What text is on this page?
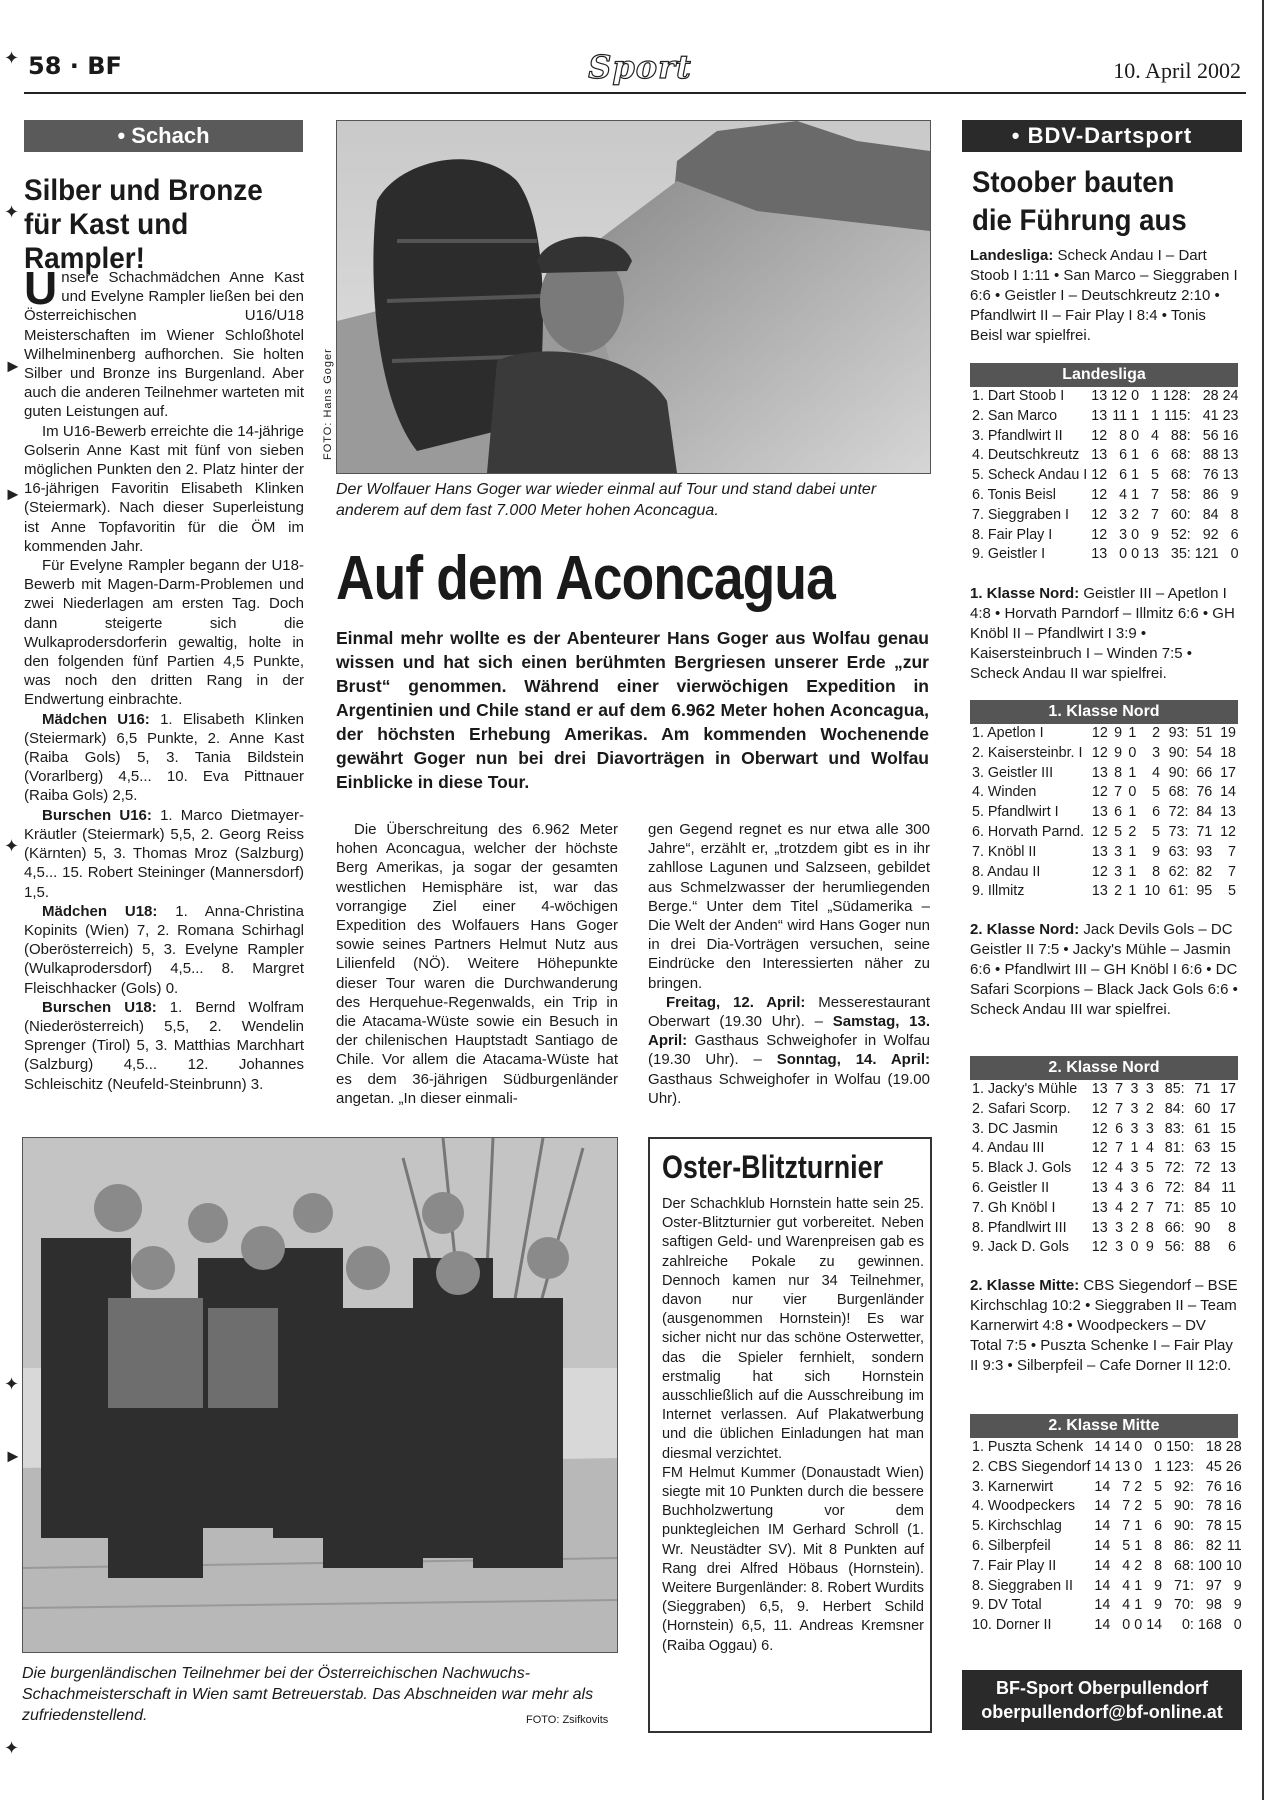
58 · BF	Sport	10. April 2002
✦
✦
►
►
✦
✦
►
✦
• Schach
Silber und Bronze für Kast und Rampler!
U nsere Schachmädchen Anne Kast und Evelyne Rampler ließen bei den Österreichischen U16/U18 Meisterschaften im Wiener Schloßhotel Wilhelminenberg aufhorchen. Sie holten Silber und Bronze ins Burgenland. Aber auch die anderen Teilnehmer warteten mit guten Leistungen auf.

Im U16-Bewerb erreichte die 14-jährige Golserin Anne Kast mit fünf von sieben möglichen Punkten den 2. Platz hinter der 16-jährigen Favoritin Elisabeth Klinken (Steiermark). Nach dieser Superleistung ist Anne Topfavoritin für die ÖM im kommenden Jahr.

Für Evelyne Rampler begann der U18-Bewerb mit Magen-Darm-Problemen und zwei Niederlagen am ersten Tag. Doch dann steigerte sich die Wulkaprodersdorferin gewaltig, holte in den folgenden fünf Partien 4,5 Punkte, was noch den dritten Rang in der Endwertung einbrachte.

Mädchen U16: 1. Elisabeth Klinken (Steiermark) 6,5 Punkte, 2. Anne Kast (Raiba Gols) 5, 3. Tania Bildstein (Vorarlberg) 4,5... 10. Eva Pittnauer (Raiba Gols) 2,5.

Burschen U16: 1. Marco Dietmayer-Kräutler (Steiermark) 5,5, 2. Georg Reiss (Kärnten) 5, 3. Thomas Mroz (Salzburg) 4,5... 15. Robert Steininger (Mannersdorf) 1,5.

Mädchen U18: 1. Anna-Christina Kopinits (Wien) 7, 2. Romana Schirhagl (Oberösterreich) 5, 3. Evelyne Rampler (Wulkaprodersdorf) 4,5... 8. Margret Fleischhacker (Gols) 0.

Burschen U18: 1. Bernd Wolfram (Niederösterreich) 5,5, 2. Wendelin Sprenger (Tirol) 5, 3. Matthias Marchhart (Salzburg) 4,5... 12. Johannes Schleischitz (Neufeld-Steinbrunn) 3.

FOTO: Hans Goger
Der Wolfauer Hans Goger war wieder einmal auf Tour und stand dabei unter anderem auf dem fast 7.000 Meter hohen Aconcagua.
Auf dem Aconcagua
Einmal mehr wollte es der Abenteurer Hans Goger aus Wolfau genau wissen und hat sich einen berühmten Bergriesen unserer Erde „zur Brust“ genommen. Während einer vierwöchigen Expedition in Argentinien und Chile stand er auf dem 6.962 Meter hohen Aconcagua, der höchsten Erhebung Amerikas. Am kommenden Wochenende gewährt Goger nun bei drei Diavorträgen in Oberwart und Wolfau Einblicke in diese Tour.

Die Überschreitung des 6.962 Meter hohen Aconcagua, welcher der höchste Berg Amerikas, ja sogar der gesamten westlichen Hemisphäre ist, war das vorrangige Ziel einer 4-wöchigen Expedition des Wolfauers Hans Goger sowie seines Partners Helmut Nutz aus Lilienfeld (NÖ). Weitere Höhepunkte dieser Tour waren die Durchwanderung des Herquehue-Regenwalds, ein Trip in die Atacama-Wüste sowie ein Besuch in der chilenischen Hauptstadt Santiago de Chile. Vor allem die Atacama-Wüste hat es dem 36-jährigen Südburgenländer angetan. „In dieser einmali-

gen Gegend regnet es nur etwa alle 300 Jahre“, erzählt er, „trotzdem gibt es in ihr zahllose Lagunen und Salzseen, gebildet aus Schmelzwasser der herumliegenden Berge.“ Unter dem Titel „Südamerika – Die Welt der Anden“ wird Hans Goger nun in drei Dia-Vorträgen versuchen, seine Eindrücke den Interessierten näher zu bringen.

Freitag, 12. April: Messerestaurant Oberwart (19.30 Uhr). – Samstag, 13. April: Gasthaus Schweighofer in Wolfau (19.30 Uhr). – Sonntag, 14. April: Gasthaus Schweighofer in Wolfau (19.00 Uhr).

Die burgenländischen Teilnehmer bei der Österreichischen Nachwuchs-Schachmeisterschaft in Wien samt Betreuerstab. Das Abschneiden war mehr als zufriedenstellend.	FOTO: Zsifkovits
Oster-Blitzturnier

Der Schachklub Hornstein hatte sein 25. Oster-Blitzturnier gut vorbereitet. Neben saftigen Geld- und Warenpreisen gab es zahlreiche Pokale zu gewinnen. Dennoch kamen nur 34 Teilnehmer, davon nur vier Burgenländer (ausgenommen Hornstein)! Es war sicher nicht nur das schöne Osterwetter, das die Spieler fernhielt, sondern erstmalig hat sich Hornstein ausschließlich auf die Ausschreibung im Internet verlassen. Auf Plakatwerbung und die üblichen Einladungen hat man diesmal verzichtet.

FM Helmut Kummer (Donaustadt Wien) siegte mit 10 Punkten durch die bessere Buchholzwertung vor dem punktegleichen IM Gerhard Schroll (1. Wr. Neustädter SV). Mit 8 Punkten auf Rang drei Alfred Höbaus (Hornstein). Weitere Burgenländer: 8. Robert Wurdits (Sieggraben) 6,5, 9. Herbert Schild (Hornstein) 6,5, 11. Andreas Kremsner (Raiba Oggau) 6.

• BDV-Dartsport
Stoober bauten die Führung aus
Landesliga: Scheck Andau I – Dart Stoob I 1:11 • San Marco – Sieggraben I 6:6 • Geistler I – Deutschkreutz 2:10 • Pfandlwirt II – Fair Play I 8:4 • Tonis Beisl war spielfrei.
Landesliga
1. Dart Stoob I	13	12	0	1	128:	28	24
2. San Marco	13	11	1	1	115:	41	23
3. Pfandlwirt II	12	8	0	4	88:	56	16
4. Deutschkreutz	13	6	1	6	68:	88	13
5. Scheck Andau I	12	6	1	5	68:	76	13
6. Tonis Beisl	12	4	1	7	58:	86	9
7. Sieggraben I	12	3	2	7	60:	84	8
8. Fair Play I	12	3	0	9	52:	92	6
9. Geistler I	13	0	0	13	35:	121	0
1. Klasse Nord: Geistler III – Apetlon I 4:8 • Horvath Parndorf – Illmitz 6:6 • GH Knöbl II – Pfandlwirt I 3:9 • Kaisersteinbruch I – Winden 7:5 • Scheck Andau II war spielfrei.
1. Klasse Nord
1. Apetlon I	12	9	1	2	93:	51	19
2. Kaisersteinbr. I	12	9	0	3	90:	54	18
3. Geistler III	13	8	1	4	90:	66	17
4. Winden	12	7	0	5	68:	76	14
5. Pfandlwirt I	13	6	1	6	72:	84	13
6. Horvath Parnd.	12	5	2	5	73:	71	12
7. Knöbl II	13	3	1	9	63:	93	7
8. Andau II	12	3	1	8	62:	82	7
9. Illmitz	13	2	1	10	61:	95	5
2. Klasse Nord: Jack Devils Gols – DC Geistler II 7:5 • Jacky's Mühle – Jasmin 6:6 • Pfandlwirt III – GH Knöbl I 6:6 • DC Safari Scorpions – Black Jack Gols 6:6 • Scheck Andau III war spielfrei.
2. Klasse Nord
1. Jacky's Mühle	13	7	3	3	85:	71	17
2. Safari Scorp.	12	7	3	2	84:	60	17
3. DC Jasmin	12	6	3	3	83:	61	15
4. Andau III	12	7	1	4	81:	63	15
5. Black J. Gols	12	4	3	5	72:	72	13
6. Geistler II	13	4	3	6	72:	84	11
7. Gh Knöbl I	13	4	2	7	71:	85	10
8. Pfandlwirt III	13	3	2	8	66:	90	8
9. Jack D. Gols	12	3	0	9	56:	88	6
2. Klasse Mitte: CBS Siegendorf – BSE Kirchschlag 10:2 • Sieggraben II – Team Karnerwirt 4:8 • Woodpeckers – DV Total 7:5 • Puszta Schenke I – Fair Play II 9:3 • Silberpfeil – Cafe Dorner II 12:0.
2. Klasse Mitte
1. Puszta Schenk	14	14	0	0	150:	18	28
2. CBS Siegendorf	14	13	0	1	123:	45	26
3. Karnerwirt	14	7	2	5	92:	76	16
4. Woodpeckers	14	7	2	5	90:	78	16
5. Kirchschlag	14	7	1	6	90:	78	15
6. Silberpfeil	14	5	1	8	86:	82	11
7. Fair Play II	14	4	2	8	68:	100	10
8. Sieggraben II	14	4	1	9	71:	97	9
9. DV Total	14	4	1	9	70:	98	9
10. Dorner II	14	0	0	14	0:	168	0
BF-Sport Oberpullendorf
oberpullendorf@bf-online.at
